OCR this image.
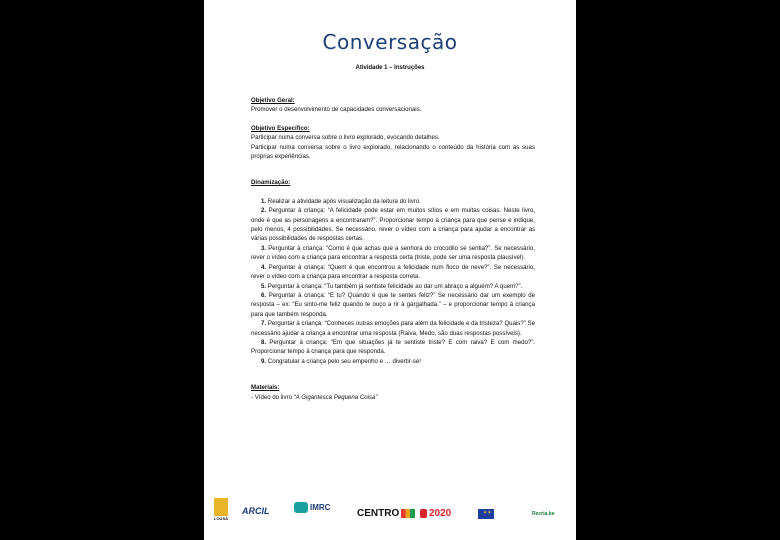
Conversação
Atividade 1 – Instruções

Objetivo Geral:

Promover o desenvolvimento de capacidades conversacionais.

Objetivo Específico:

Participar numa conversa sobre o livro explorado, evocando detalhes.

Participar numa conversa sobre o livro explorado, relacionando o conteúdo da história com as suas próprias experiências.

Dinamização:

1. Realizar a atividade após visualização da leitura do livro.

2. Perguntar à criança: “A felicidade pode estar em muitos sítios e em muitas coisas. Neste livro, onde é que as personagens a encontraram?”. Proporcionar tempo à criança para que pense e indique, pelo menos, 4 possibilidades. Se necessário, rever o vídeo com a criança para ajudar a encontrar as várias possibilidades de respostas certas.

3. Perguntar à criança: “Como é que achas que a senhora do crocodilo se sentia?”. Se necessário, rever o vídeo com a criança para encontrar a resposta certa (triste, pode ser uma resposta plausível).

4. Perguntar à criança: “Quem é que encontrou a felicidade num floco de neve?”. Se necessário, rever o vídeo com a criança para encontrar a resposta correta.

5. Perguntar à criança: “Tu também já sentiste felicidade ao dar um abraço a alguém? A quem?”.

6. Perguntar à criança: “E tu? Quando é que te sentes feliz?” Se necessário dar um exemplo de resposta – ex: “Eu sinto-me feliz quando te ouço a rir à gargalhada.” – e proporcionar tempo à criança para que também responda.

7. Perguntar à criança: “Conheces outras emoções para além da felicidade e da tristeza? Quais?” Se necessário ajudar a criança a encontrar uma resposta (Raiva, Medo, são duas respostas possíveis).

8. Perguntar à criança: “Em que situações já te sentiste triste? E com raiva? E com medo?”. Proporcionar tempo à criança para que responda.

9. Congratular a criança pelo seu empenho e … divertir-se!

Materiais:

- Vídeo do livro “A Gigantesca Pequena Coisa”

LOUSÃ
ARCIL	IMRC
CENTRO	2020	✶✶	Recria.be
